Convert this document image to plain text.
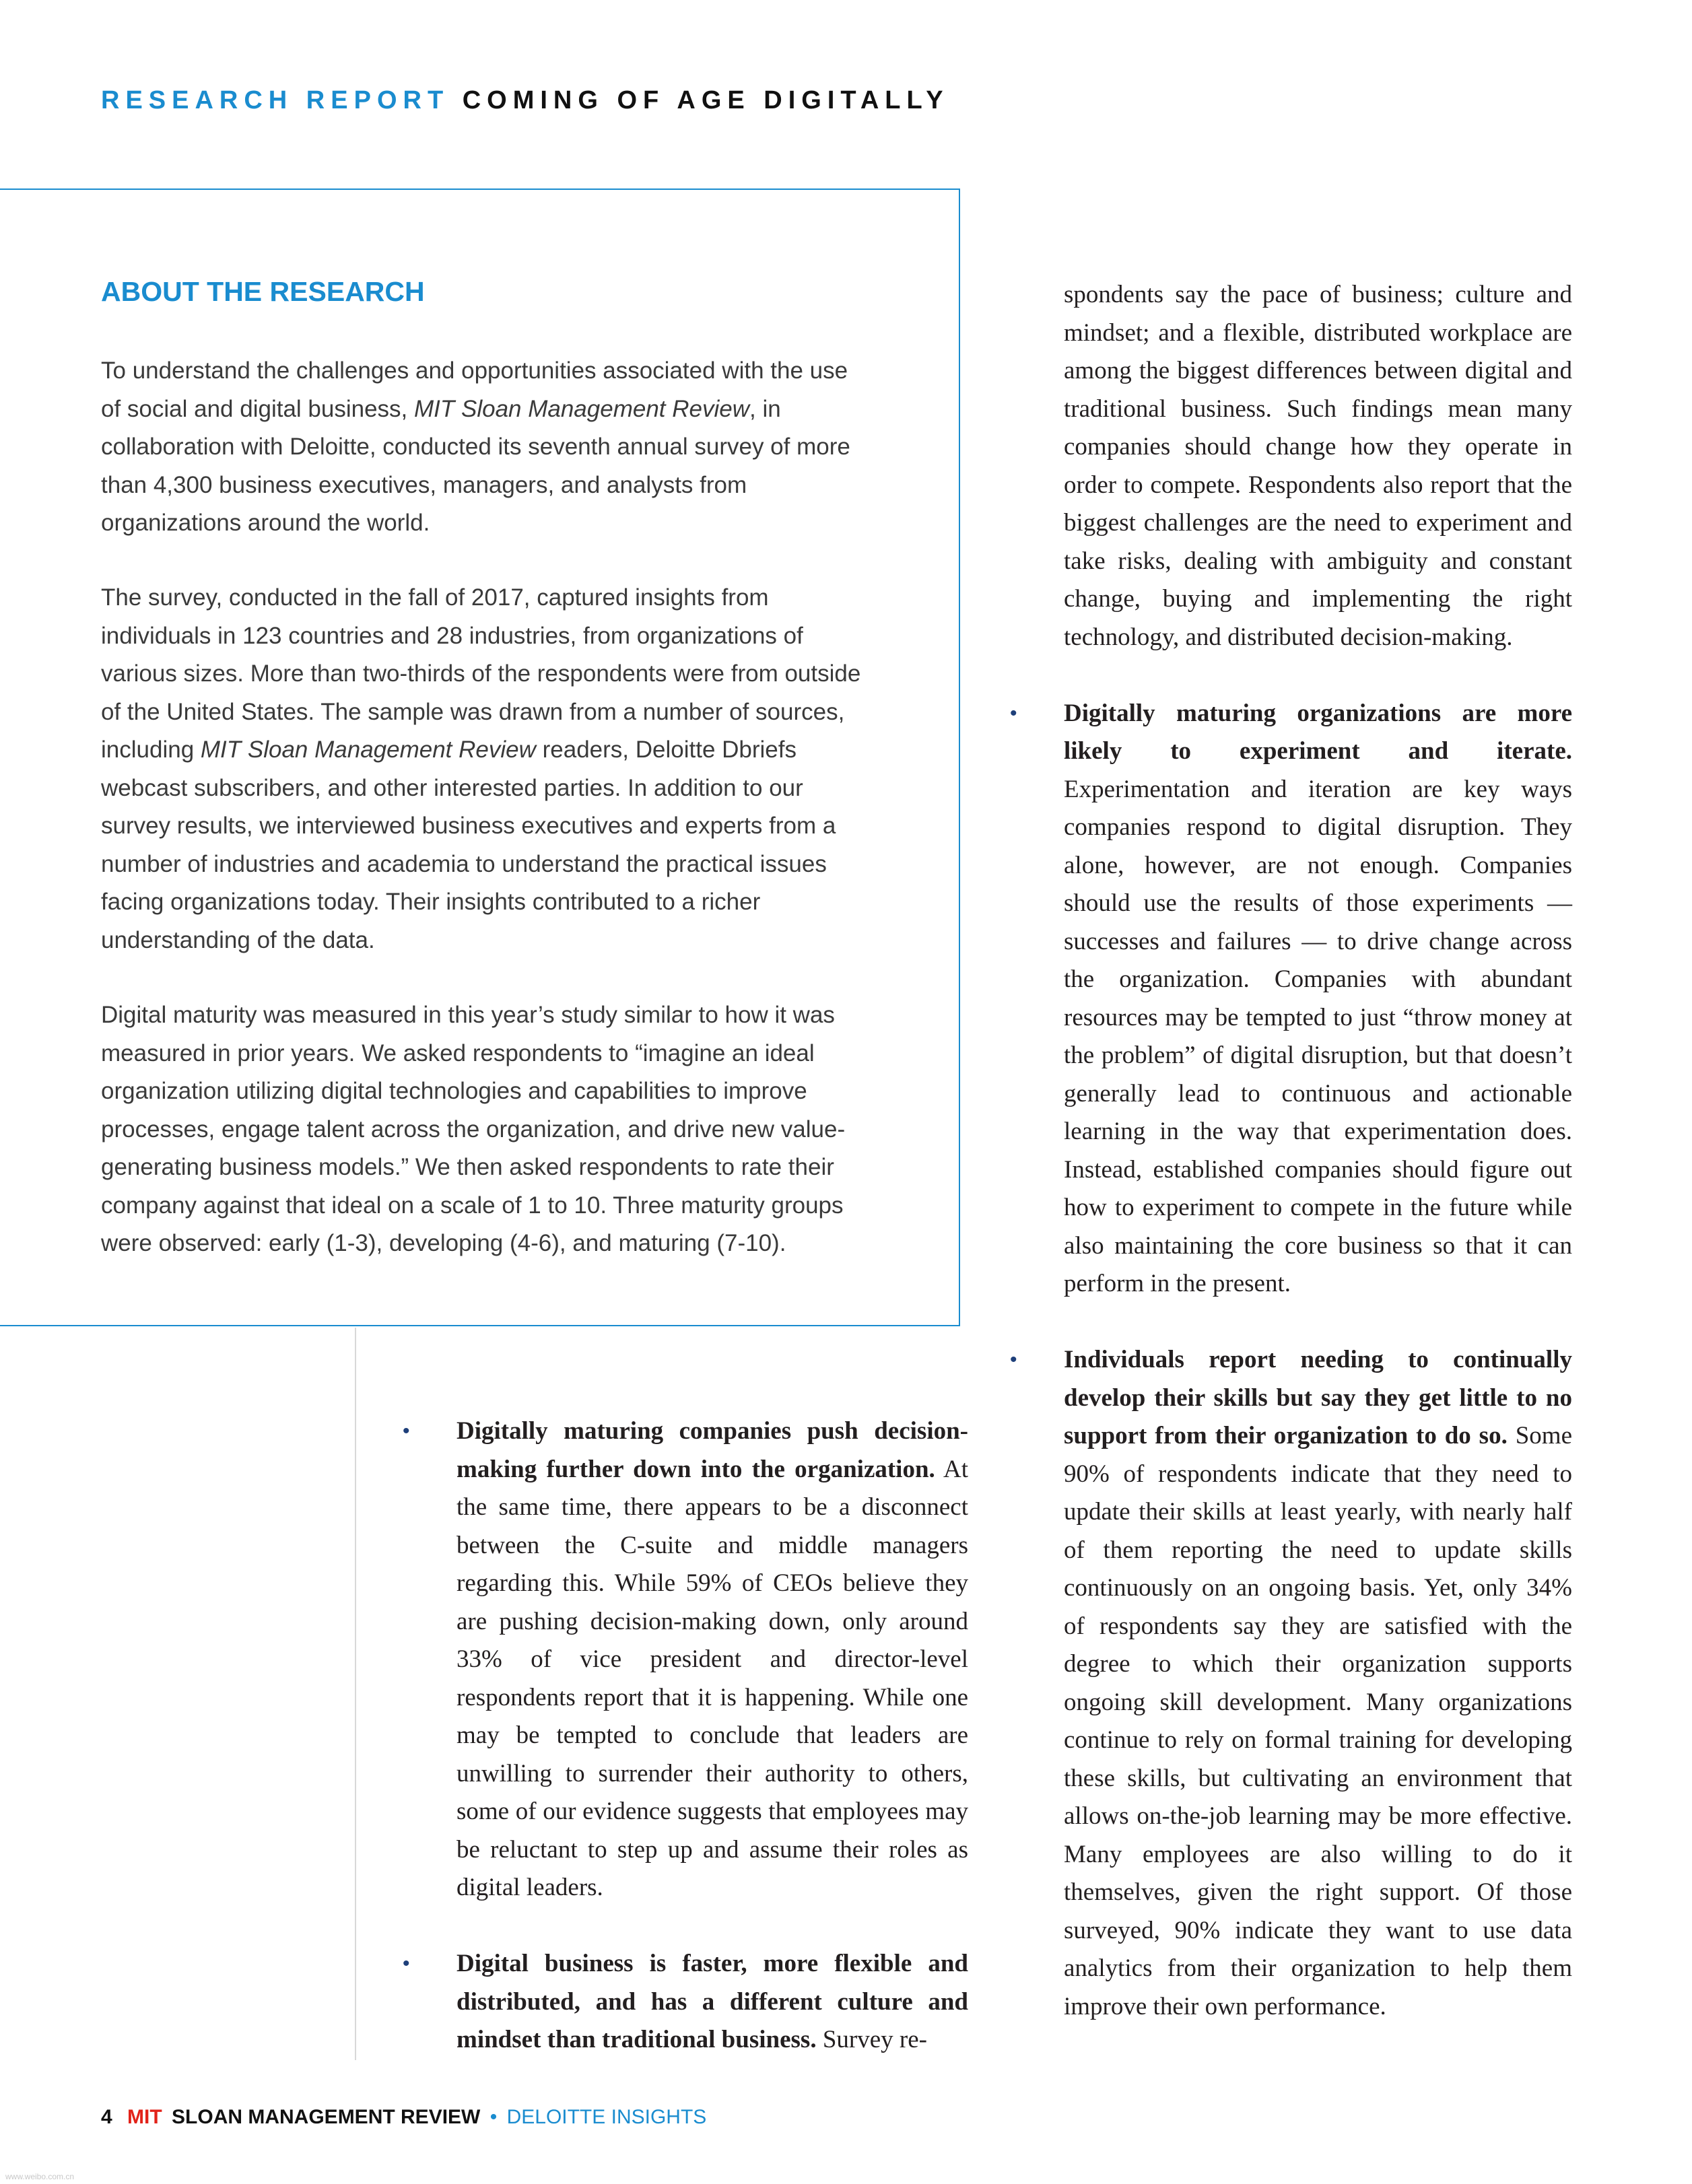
RESEARCH REPORT COMING OF AGE DIGITALLY
ABOUT THE RESEARCH

To understand the challenges and opportunities associated with the use of social and digital business, MIT Sloan Management Review, in collaboration with Deloitte, conducted its seventh annual survey of more than 4,300 business executives, managers, and analysts from organizations around the world.

The survey, conducted in the fall of 2017, captured insights from individuals in 123 countries and 28 industries, from organizations of various sizes. More than two-thirds of the respondents were from outside of the United States. The sample was drawn from a number of sources, including MIT Sloan Management Review readers, Deloitte Dbriefs webcast subscribers, and other interested parties. In addition to our survey results, we interviewed business executives and experts from a number of industries and academia to understand the practical issues facing organizations today. Their insights contributed to a richer understanding of the data.

Digital maturity was measured in this year’s study similar to how it was measured in prior years. We asked respondents to “imagine an ideal organization utilizing digital technologies and capabilities to improve processes, engage talent across the organization, and drive new value-generating business models.” We then asked respondents to rate their company against that ideal on a scale of 1 to 10. Three maturity groups were observed: early (1-3), developing (4-6), and maturing (7-10).

• Digitally maturing companies push decision-making further down into the organization. At the same time, there appears to be a disconnect between the C-suite and middle managers regarding this. While 59% of CEOs believe they are pushing decision-making down, only around 33% of vice president and director-level respondents report that it is happening. While one may be tempted to conclude that leaders are unwilling to surrender their authority to others, some of our evidence suggests that employees may be reluctant to step up and assume their roles as digital leaders.

• Digital business is faster, more flexible and distributed, and has a different culture and mindset than traditional business. Survey re-

spondents say the pace of business; culture and mindset; and a flexible, distributed workplace are among the biggest differences between digital and traditional business. Such findings mean many companies should change how they operate in order to compete. Respondents also report that the biggest challenges are the need to experiment and take risks, dealing with ambiguity and constant change, buying and implementing the right technology, and distributed decision-making.

• Digitally maturing organizations are more likely to experiment and iterate. Experimentation and iteration are key ways companies respond to digital disruption. They alone, however, are not enough. Companies should use the results of those experiments — successes and failures — to drive change across the organization. Companies with abundant resources may be tempted to just “throw money at the problem” of digital disruption, but that doesn’t generally lead to continuous and actionable learning in the way that experimentation does. Instead, established companies should figure out how to experiment to compete in the future while also maintaining the core business so that it can perform in the present.

• Individuals report needing to continually develop their skills but say they get little to no support from their organization to do so. Some 90% of respondents indicate that they need to update their skills at least yearly, with nearly half of them reporting the need to update skills continuously on an ongoing basis. Yet, only 34% of respondents say they are satisfied with the degree to which their organization supports ongoing skill development. Many organizations continue to rely on formal training for developing these skills, but cultivating an environment that allows on-the-job learning may be more effective. Many employees are also willing to do it themselves, given the right support. Of those surveyed, 90% indicate they want to use data analytics from their organization to help them improve their own performance.

4 MIT SLOAN MANAGEMENT REVIEW • DELOITTE INSIGHTS
www.weibo.com.cn
